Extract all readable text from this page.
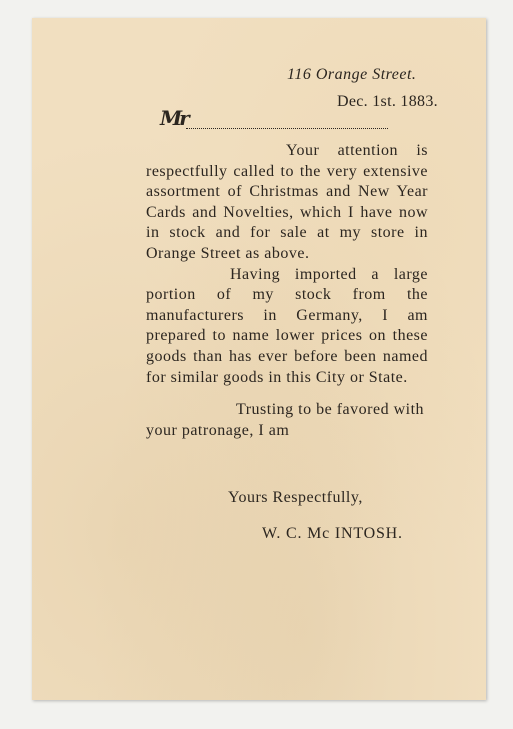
116 Orange Street.
Dec. 1st. 1883.
Mr

Your attention is respectfully called to the very extensive assortment of Christmas and New Year Cards and Novelties, which I have now in stock and for sale at my store in Orange Street as above.

Having imported a large portion of my stock from the manufacturers in Germany, I am prepared to name lower prices on these goods than has ever before been named for similar goods in this City or State.

Trusting to be favored with your patronage, I am

Yours Respectfully,
W. C. Mc INTOSH.
